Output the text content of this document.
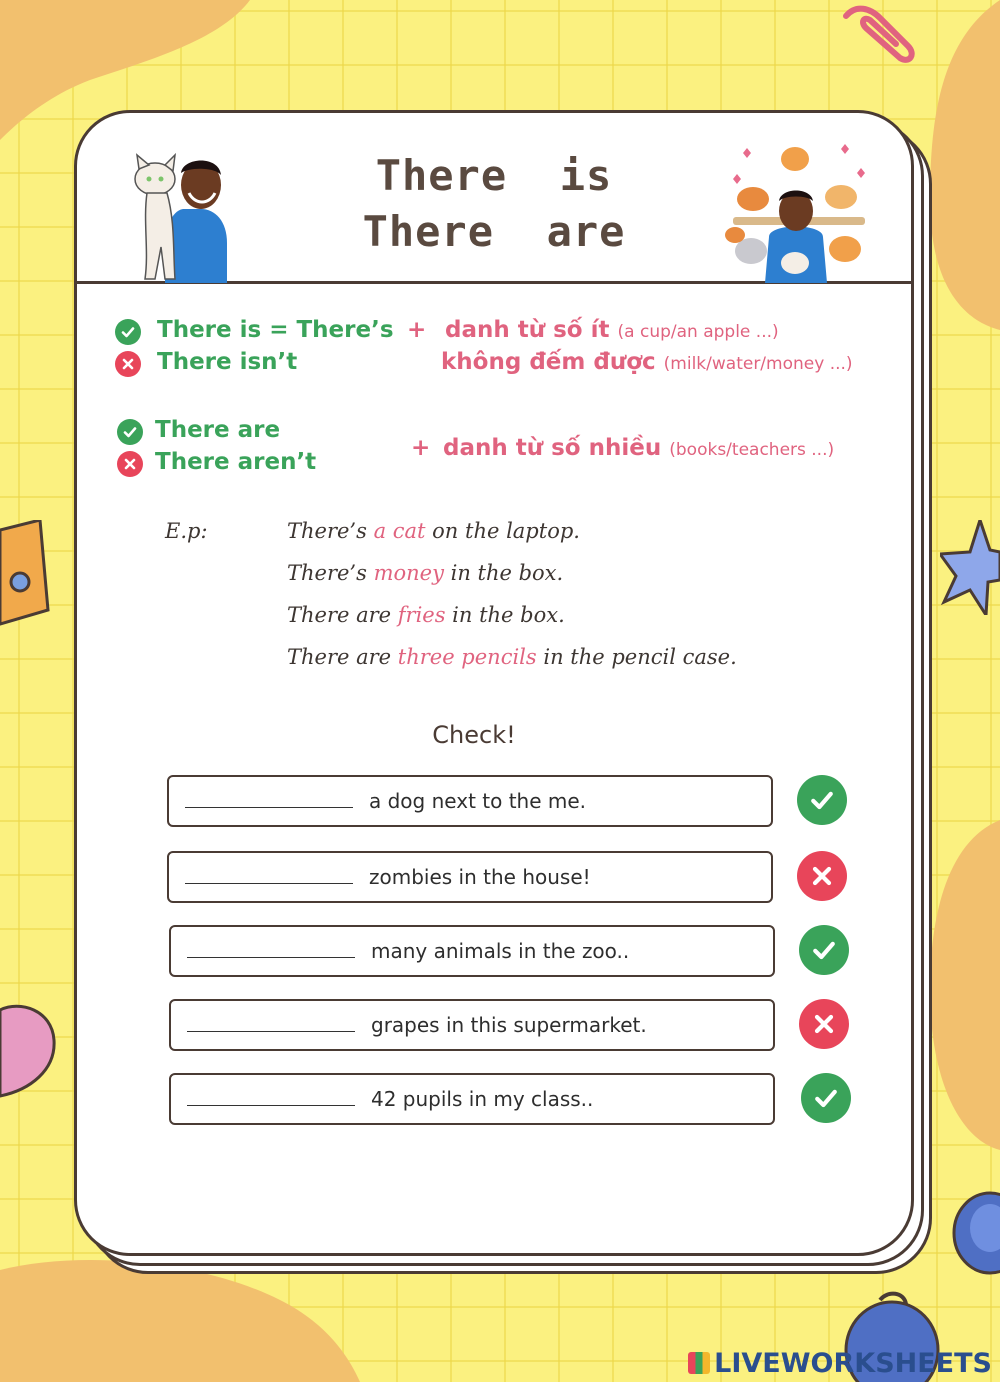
There  is
There  are
There is = There’s
There isn’t
+ danh từ số ít (a cup/an apple ...)
không đếm được (milk/water/money ...)
There are
There aren’t
+ danh từ số nhiều (books/teachers ...)
E.p:	There’s a cat on the laptop.
There’s money in the box.
There are fries in the box.
There are three pencils in the pencil case.
Check!
a dog next to the me.
zombies in the house!
many animals in the zoo..
grapes in this supermarket.
42 pupils in my class..
LIVEWORKSHEETS
